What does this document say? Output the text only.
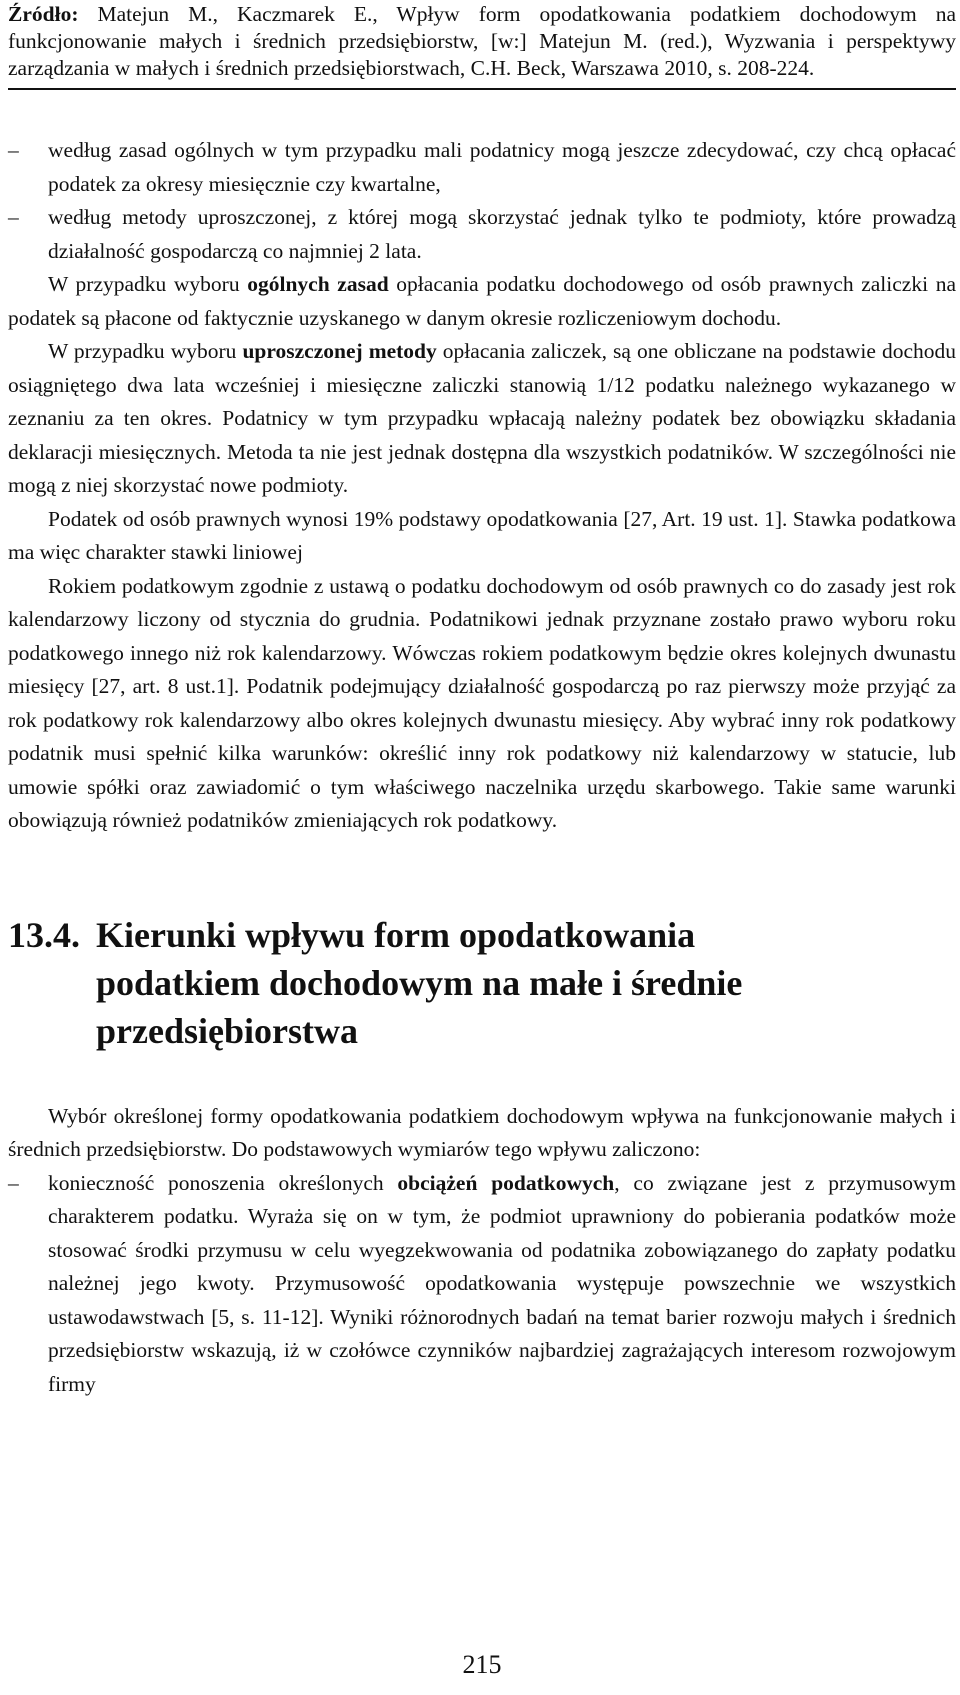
Źródło: Matejun M., Kaczmarek E., Wpływ form opodatkowania podatkiem dochodowym na funkcjonowanie małych i średnich przedsiębiorstw, [w:] Matejun M. (red.), Wyzwania i perspektywy zarządzania w małych i średnich przedsiębiorstwach, C.H. Beck, Warszawa 2010, s. 208-224.

–	według zasad ogólnych w tym przypadku mali podatnicy mogą jeszcze zdecydować, czy chcą opłacać podatek za okresy miesięcznie czy kwartalne,

–	według metody uproszczonej, z której mogą skorzystać jednak tylko te podmioty, które prowadzą działalność gospodarczą co najmniej 2 lata.

W przypadku wyboru ogólnych zasad opłacania podatku dochodowego od osób prawnych zaliczki na podatek są płacone od faktycznie uzyskanego w danym okresie rozliczeniowym dochodu.

W przypadku wyboru uproszczonej metody opłacania zaliczek, są one obliczane na podstawie dochodu osiągniętego dwa lata wcześniej i miesięczne zaliczki stanowią 1/12 podatku należnego wykazanego w zeznaniu za ten okres. Podatnicy w tym przypadku wpłacają należny podatek bez obowiązku składania deklaracji miesięcznych. Metoda ta nie jest jednak dostępna dla wszystkich podatników. W szczególności nie mogą z niej skorzystać nowe podmioty.

Podatek od osób prawnych wynosi 19% podstawy opodatkowania [27, Art. 19 ust. 1]. Stawka podatkowa ma więc charakter stawki liniowej

Rokiem podatkowym zgodnie z ustawą o podatku dochodowym od osób prawnych co do zasady jest rok kalendarzowy liczony od stycznia do grudnia. Podatnikowi jednak przyznane zostało prawo wyboru roku podatkowego innego niż rok kalendarzowy. Wówczas rokiem podatkowym będzie okres kolejnych dwunastu miesięcy [27, art. 8 ust.1]. Podatnik podejmujący działalność gospodarczą po raz pierwszy może przyjąć za rok podatkowy rok kalendarzowy albo okres kolejnych dwunastu miesięcy. Aby wybrać inny rok podatkowy podatnik musi spełnić kilka warunków: określić inny rok podatkowy niż kalendarzowy w statucie, lub umowie spółki oraz zawiadomić o tym właściwego naczelnika urzędu skarbowego. Takie same warunki obowiązują również podatników zmieniających rok podatkowy.

13.4. Kierunki wpływu form opodatkowania podatkiem dochodowym na małe i średnie przedsiębiorstwa

Wybór określonej formy opodatkowania podatkiem dochodowym wpływa na funkcjonowanie małych i średnich przedsiębiorstw. Do podstawowych wymiarów tego wpływu zaliczono:

–	konieczność ponoszenia określonych obciążeń podatkowych, co związane jest z przymusowym charakterem podatku. Wyraża się on w tym, że podmiot uprawniony do pobierania podatków może stosować środki przymusu w celu wyegzekwowania od podatnika zobowiązanego do zapłaty podatku należnej jego kwoty. Przymusowość opodatkowania występuje powszechnie we wszystkich ustawodawstwach [5, s. 11-12]. Wyniki różnorodnych badań na temat barier rozwoju małych i średnich przedsiębiorstw wskazują, iż w czołówce czynników najbardziej zagrażających interesom rozwojowym firmy

215
